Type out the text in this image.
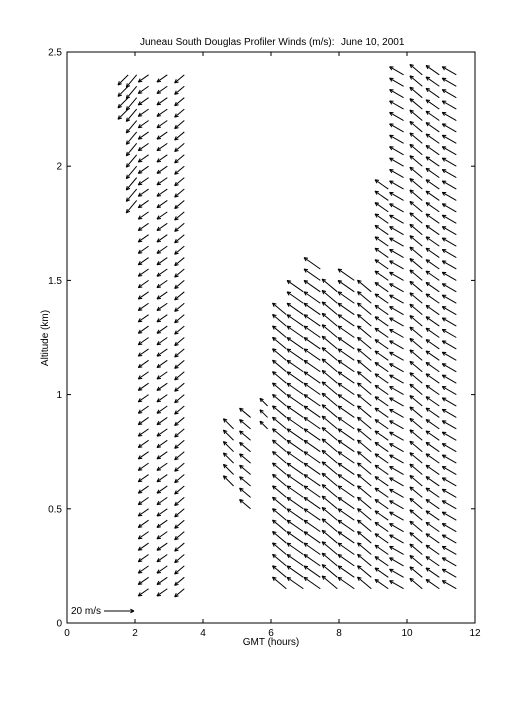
Juneau South Douglas Profiler Winds (m/s): June 10, 2001
0	2	4	6	8	10	12
0
0.5
1
1.5
2
2.5
GMT (hours)
Altitude (km)
20 m/s
